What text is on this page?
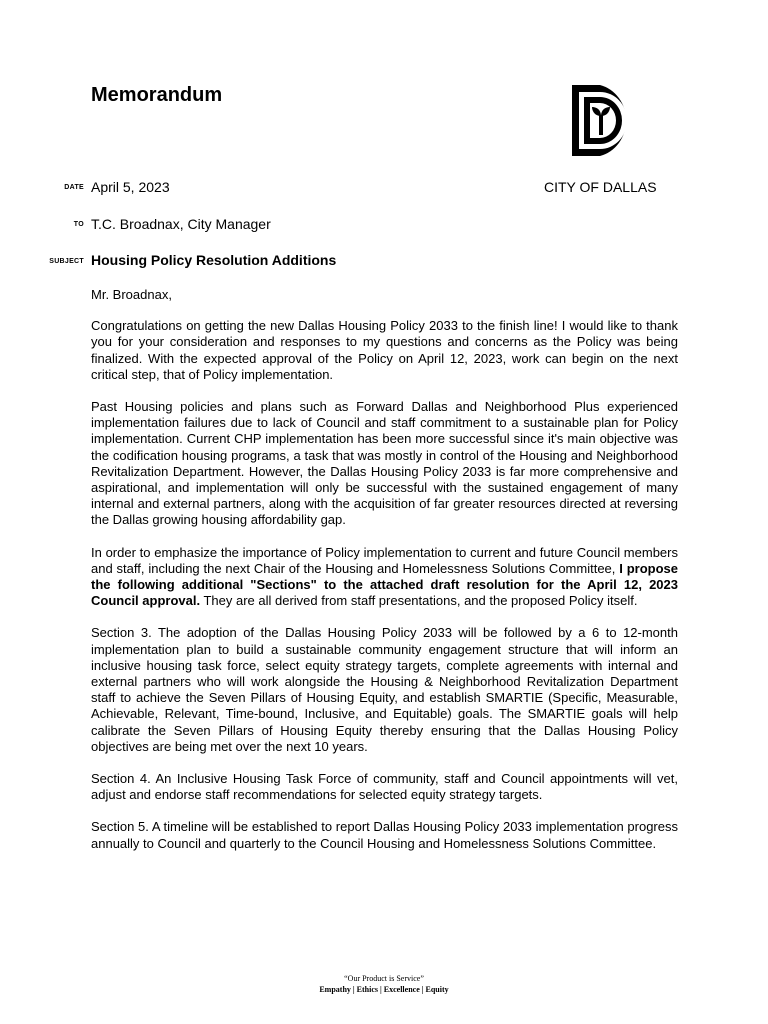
Memorandum
DATE April 5, 2023	CITY OF DALLAS
TO T.C. Broadnax, City Manager
SUBJECT Housing Policy Resolution Additions

Mr. Broadnax,

Congratulations on getting the new Dallas Housing Policy 2033 to the finish line! I would like to thank you for your consideration and responses to my questions and concerns as the Policy was being finalized. With the expected approval of the Policy on April 12, 2023, work can begin on the next critical step, that of Policy implementation.

Past Housing policies and plans such as Forward Dallas and Neighborhood Plus experienced implementation failures due to lack of Council and staff commitment to a sustainable plan for Policy implementation. Current CHP implementation has been more successful since it's main objective was the codification housing programs, a task that was mostly in control of the Housing and Neighborhood Revitalization Department. However, the Dallas Housing Policy 2033 is far more comprehensive and aspirational, and implementation will only be successful with the sustained engagement of many internal and external partners, along with the acquisition of far greater resources directed at reversing the Dallas growing housing affordability gap.

In order to emphasize the importance of Policy implementation to current and future Council members and staff, including the next Chair of the Housing and Homelessness Solutions Committee, I propose the following additional "Sections" to the attached draft resolution for the April 12, 2023 Council approval. They are all derived from staff presentations, and the proposed Policy itself.

Section 3. The adoption of the Dallas Housing Policy 2033 will be followed by a 6 to 12-month implementation plan to build a sustainable community engagement structure that will inform an inclusive housing task force, select equity strategy targets, complete agreements with internal and external partners who will work alongside the Housing & Neighborhood Revitalization Department staff to achieve the Seven Pillars of Housing Equity, and establish SMARTIE (Specific, Measurable, Achievable, Relevant, Time-bound, Inclusive, and Equitable) goals. The SMARTIE goals will help calibrate the Seven Pillars of Housing Equity thereby ensuring that the Dallas Housing Policy objectives are being met over the next 10 years.

Section 4. An Inclusive Housing Task Force of community, staff and Council appointments will vet, adjust and endorse staff recommendations for selected equity strategy targets.

Section 5. A timeline will be established to report Dallas Housing Policy 2033 implementation progress annually to Council and quarterly to the Council Housing and Homelessness Solutions Committee.

“Our Product is Service”
Empathy | Ethics | Excellence | Equity
